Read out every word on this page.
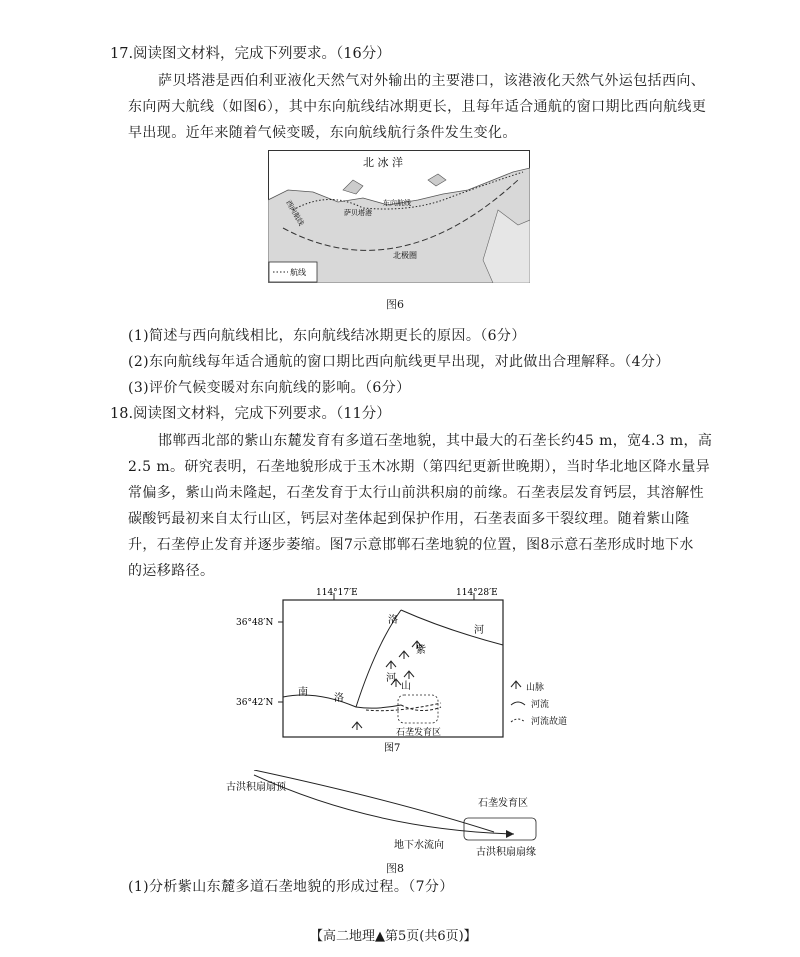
17.阅读图文材料，完成下列要求。（16分）
萨贝塔港是西伯利亚液化天然气对外输出的主要港口，该港液化天然气外运包括西向、
东向两大航线（如图6），其中东向航线结冰期更长，且每年适合通航的窗口期比西向航线更
早出现。近年来随着气候变暖，东向航线航行条件发生变化。
北 冰 洋
西向航线	萨贝塔港
东向航线
北极圈
航线
图6
(1)简述与西向航线相比，东向航线结冰期更长的原因。（6分）
(2)东向航线每年适合通航的窗口期比西向航线更早出现，对此做出合理解释。（4分）
(3)评价气候变暖对东向航线的影响。（6分）
18.阅读图文材料，完成下列要求。（11分）
邯郸西北部的紫山东麓发育有多道石垄地貌，其中最大的石垄长约45 m，宽4.3 m，高
2.5 m。研究表明，石垄地貌形成于玉木冰期（第四纪更新世晚期），当时华北地区降水量异
常偏多，紫山尚未隆起，石垄发育于太行山前洪积扇的前缘。石垄表层发育钙层，其溶解性
碳酸钙最初来自太行山区，钙层对垄体起到保护作用，石垄表面多干裂纹理。随着紫山隆
升，石垄停止发育并逐步萎缩。图7示意邯郸石垄地貌的位置，图8示意石垄形成时地下水
的运移路径。
114°17′E	114°28′E
36°48′N
36°42′N
洛
河
紫
河
山
南
洛
石垄发育区
山脉
河流
河流故道
图7
古洪积扇扇顶
石垄发育区
地下水流向
古洪积扇扇缘
图8
(1)分析紫山东麓多道石垄地貌的形成过程。（7分）
【高二地理▲第5页(共6页)】
